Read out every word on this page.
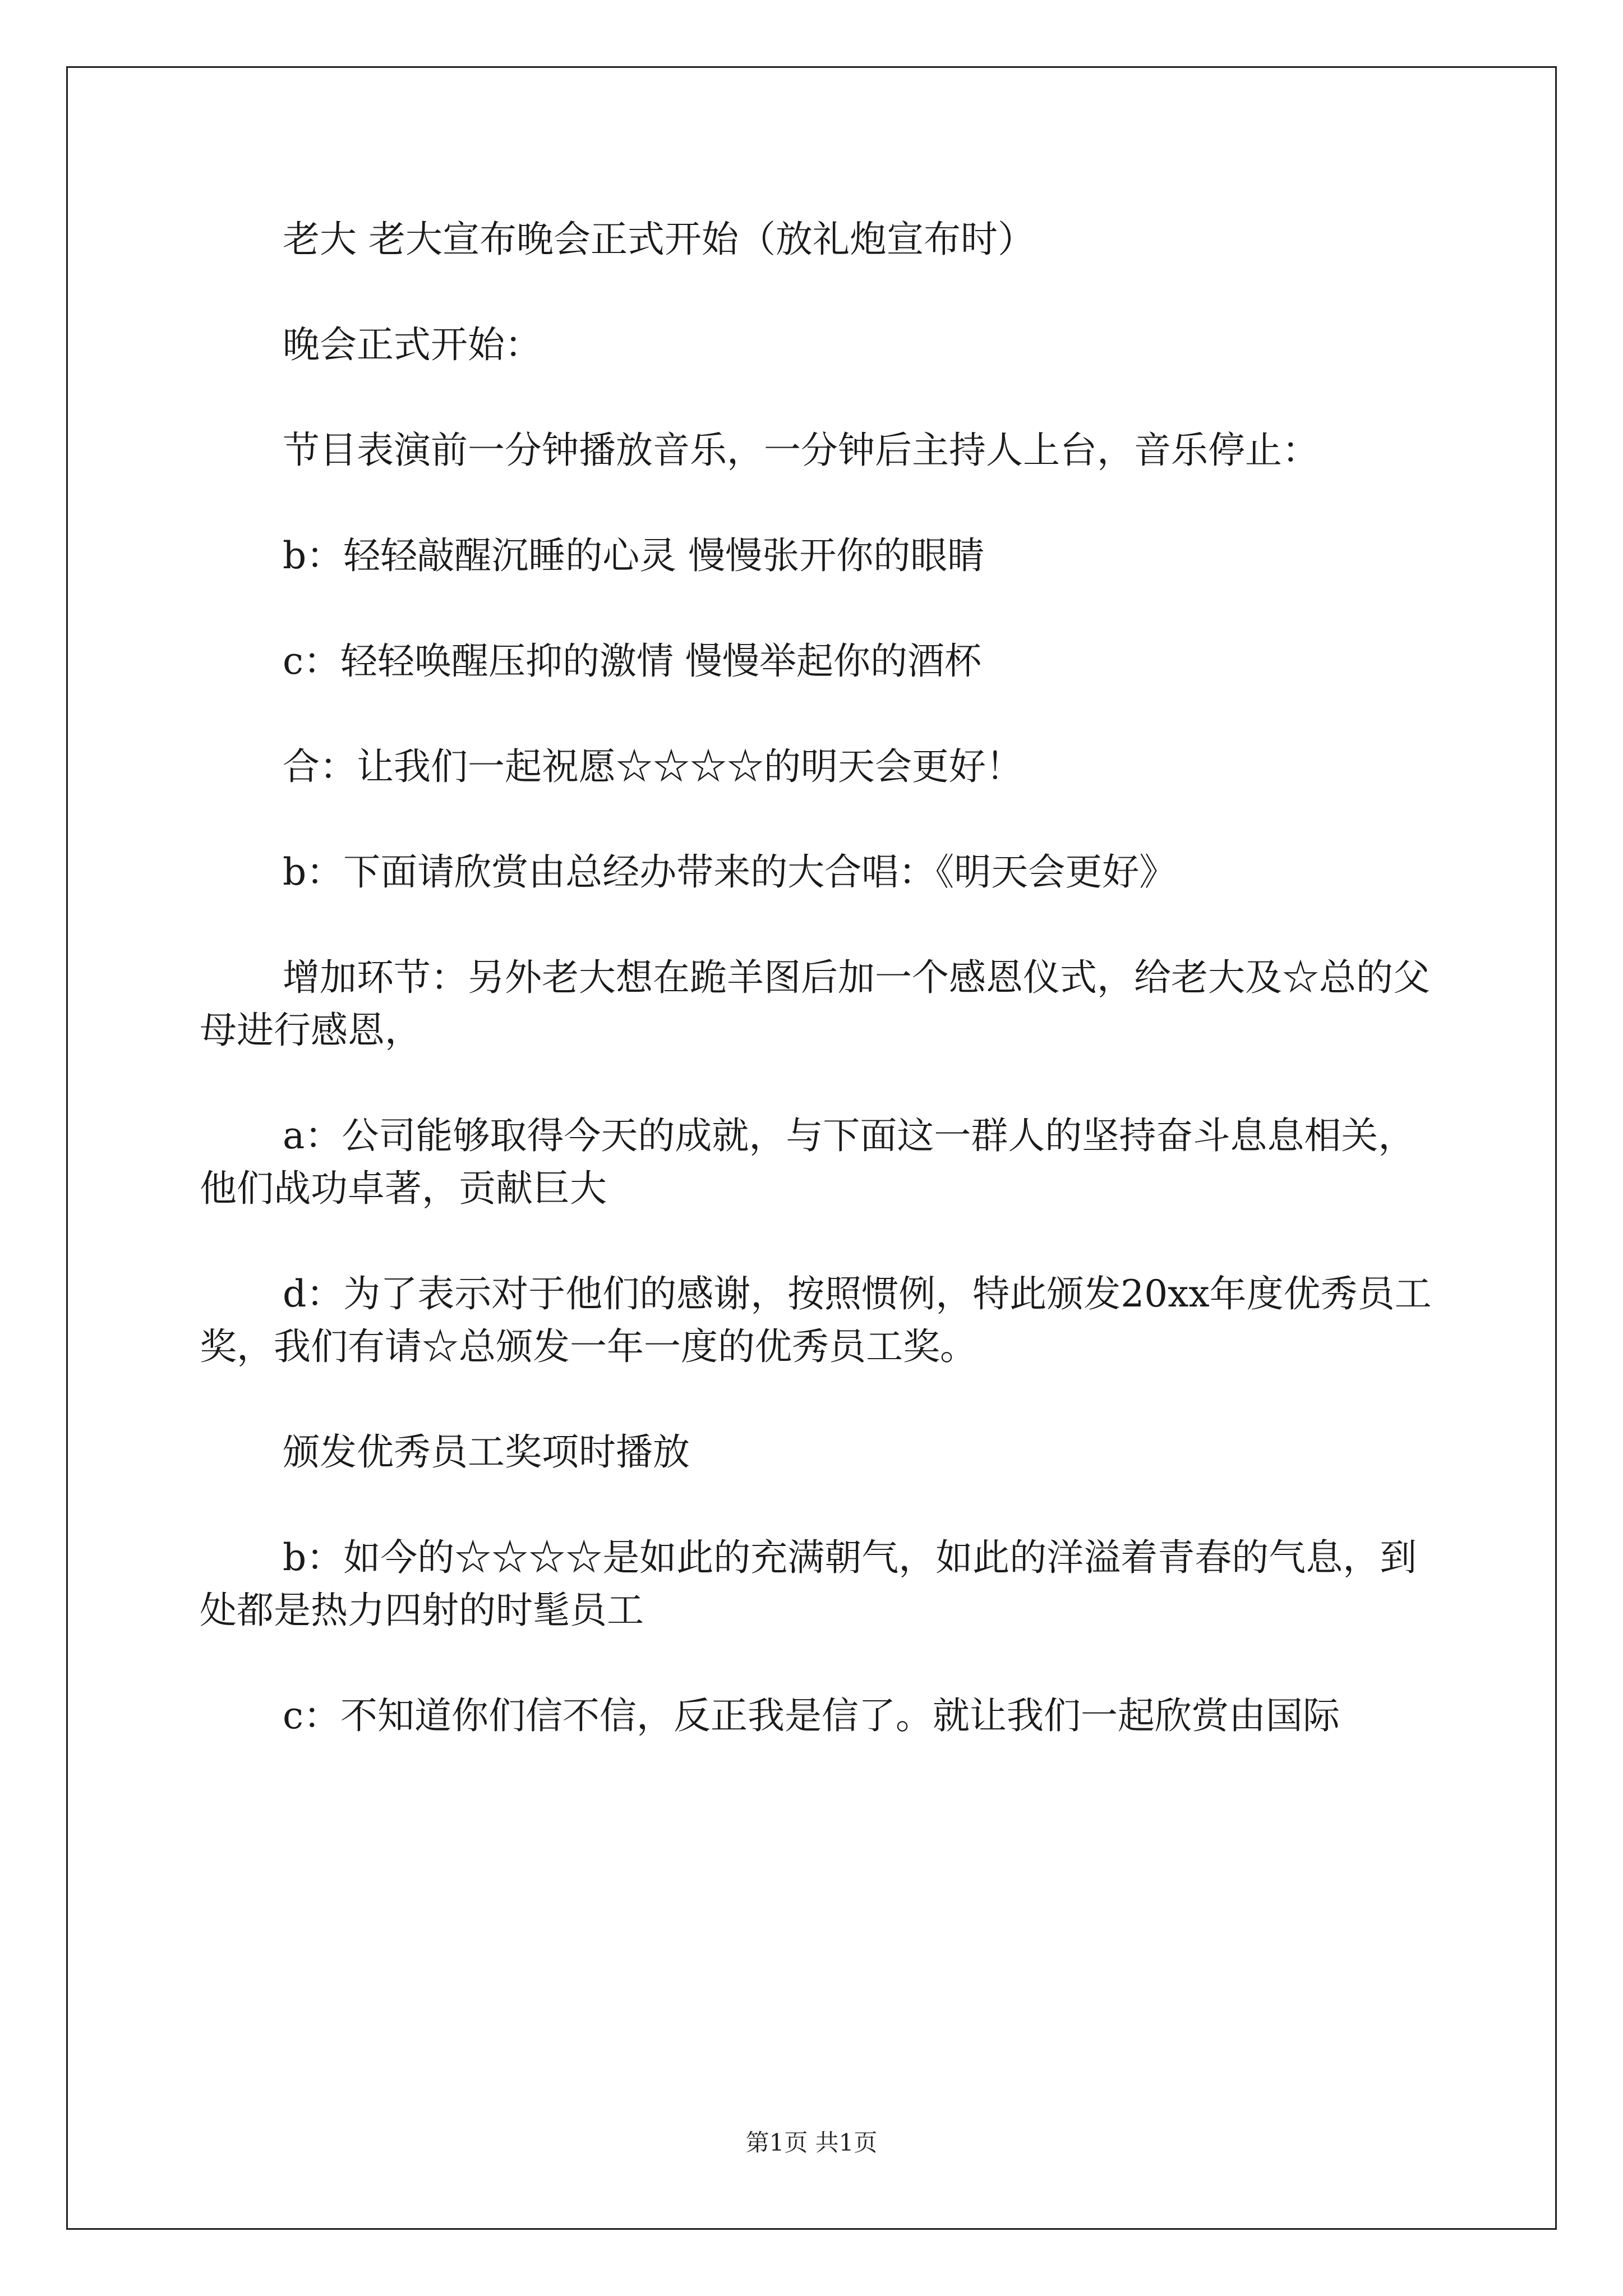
老大 老大宣布晚会正式开始（放礼炮宣布时）

晚会正式开始：

节目表演前一分钟播放音乐，一分钟后主持人上台，音乐停止：

b：轻轻敲醒沉睡的心灵 慢慢张开你的眼睛

c：轻轻唤醒压抑的激情 慢慢举起你的酒杯

合：让我们一起祝愿☆☆☆☆的明天会更好！

b：下面请欣赏由总经办带来的大合唱：《明天会更好》

增加环节：另外老大想在跪羊图后加一个感恩仪式，给老大及☆总的父母进行感恩，

a：公司能够取得今天的成就，与下面这一群人的坚持奋斗息息相关，他们战功卓著，贡献巨大

d：为了表示对于他们的感谢，按照惯例，特此颁发20xx年度优秀员工奖，我们有请☆总颁发一年一度的优秀员工奖。

颁发优秀员工奖项时播放

b：如今的☆☆☆☆是如此的充满朝气，如此的洋溢着青春的气息，到处都是热力四射的时髦员工

c：不知道你们信不信，反正我是信了。就让我们一起欣赏由国际

第1页 共1页
